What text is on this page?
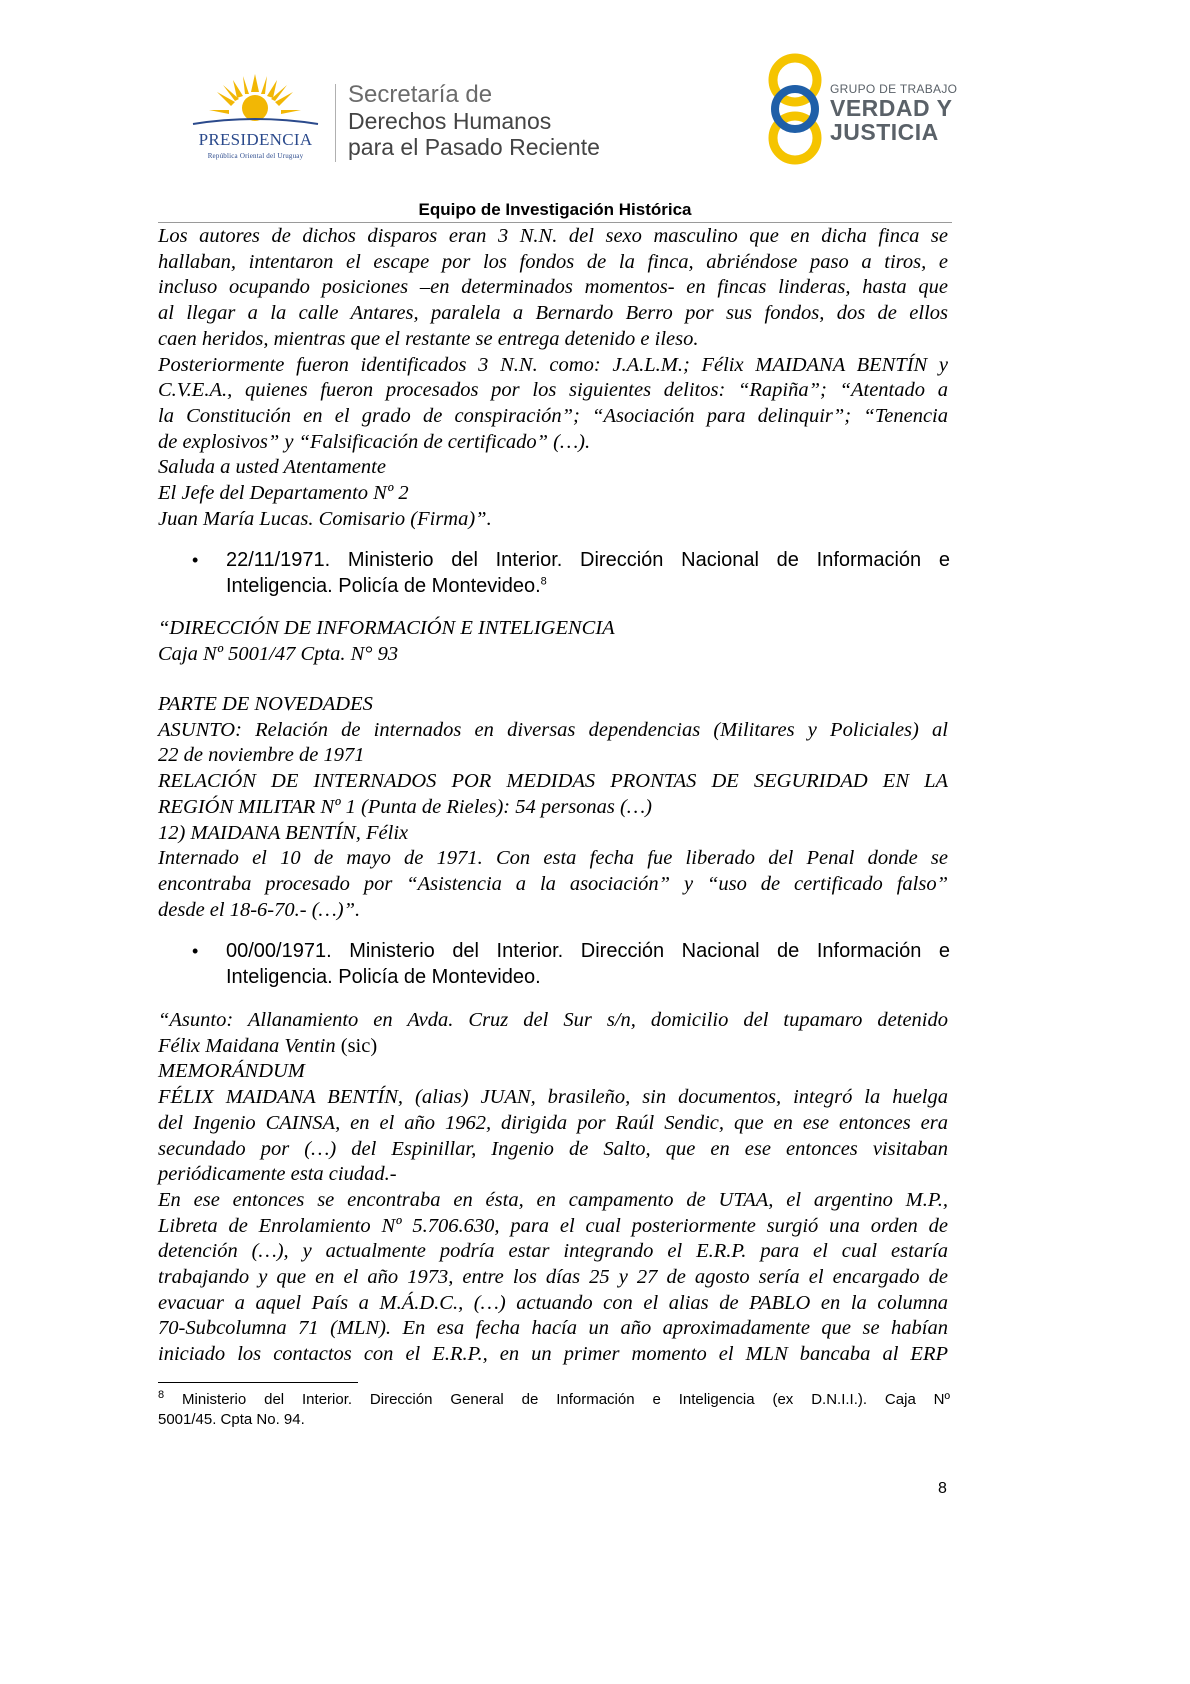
PRESIDENCIA
República Oriental del Uruguay
Secretaría de
Derechos Humanos
para el Pasado Reciente
GRUPO DE TRABAJO
VERDAD Y
JUSTICIA
Equipo de Investigación Histórica
Los autores de dichos disparos eran 3 N.N. del sexo masculino que en dicha finca se
hallaban, intentaron el escape por los fondos de la finca, abriéndose paso a tiros, e
incluso ocupando posiciones –en determinados momentos- en fincas linderas, hasta que
al llegar a la calle Antares, paralela a Bernardo Berro por sus fondos, dos de ellos
caen heridos, mientras que el restante se entrega detenido e ileso.
Posteriormente fueron identificados 3 N.N. como: J.A.L.M.; Félix MAIDANA BENTÍN y
C.V.E.A., quienes fueron procesados por los siguientes delitos: “Rapiña”; “Atentado a
la Constitución en el grado de conspiración”; “Asociación para delinquir”; “Tenencia
de explosivos” y “Falsificación de certificado” (…).
Saluda a usted Atentamente
El Jefe del Departamento Nº 2
Juan María Lucas. Comisario (Firma)”.
• 22/11/1971. Ministerio del Interior. Dirección Nacional de Información e
Inteligencia. Policía de Montevideo.$^8$
“DIRECCIÓN DE INFORMACIÓN E INTELIGENCIA
Caja Nº 5001/47 Cpta. N° 93
PARTE DE NOVEDADES
ASUNTO: Relación de internados en diversas dependencias (Militares y Policiales) al
22 de noviembre de 1971
RELACIÓN DE INTERNADOS POR MEDIDAS PRONTAS DE SEGURIDAD EN LA
REGIÓN MILITAR Nº 1 (Punta de Rieles): 54 personas (…)
12) MAIDANA BENTÍN, Félix
Internado el 10 de mayo de 1971. Con esta fecha fue liberado del Penal donde se
encontraba procesado por “Asistencia a la asociación” y “uso de certificado falso”
desde el 18-6-70.- (…)”.
• 00/00/1971. Ministerio del Interior. Dirección Nacional de Información e
Inteligencia. Policía de Montevideo.
“Asunto: Allanamiento en Avda. Cruz del Sur s/n, domicilio del tupamaro detenido
Félix Maidana Ventin (sic)
MEMORÁNDUM
FÉLIX MAIDANA BENTÍN, (alias) JUAN, brasileño, sin documentos, integró la huelga
del Ingenio CAINSA, en el año 1962, dirigida por Raúl Sendic, que en ese entonces era
secundado por (…) del Espinillar, Ingenio de Salto, que en ese entonces visitaban
periódicamente esta ciudad.-
En ese entonces se encontraba en ésta, en campamento de UTAA, el argentino M.P.,
Libreta de Enrolamiento Nº 5.706.630, para el cual posteriormente surgió una orden de
detención (…), y actualmente podría estar integrando el E.R.P. para el cual estaría
trabajando y que en el año 1973, entre los días 25 y 27 de agosto sería el encargado de
evacuar a aquel País a M.Á.D.C., (…) actuando con el alias de PABLO en la columna
70-Subcolumna 71 (MLN). En esa fecha hacía un año aproximadamente que se habían
iniciado los contactos con el E.R.P., en un primer momento el MLN bancaba al ERP
$^8$ Ministerio del Interior. Dirección General de Información e Inteligencia (ex D.N.I.I.). Caja Nº
5001/45. Cpta No. 94.
8
